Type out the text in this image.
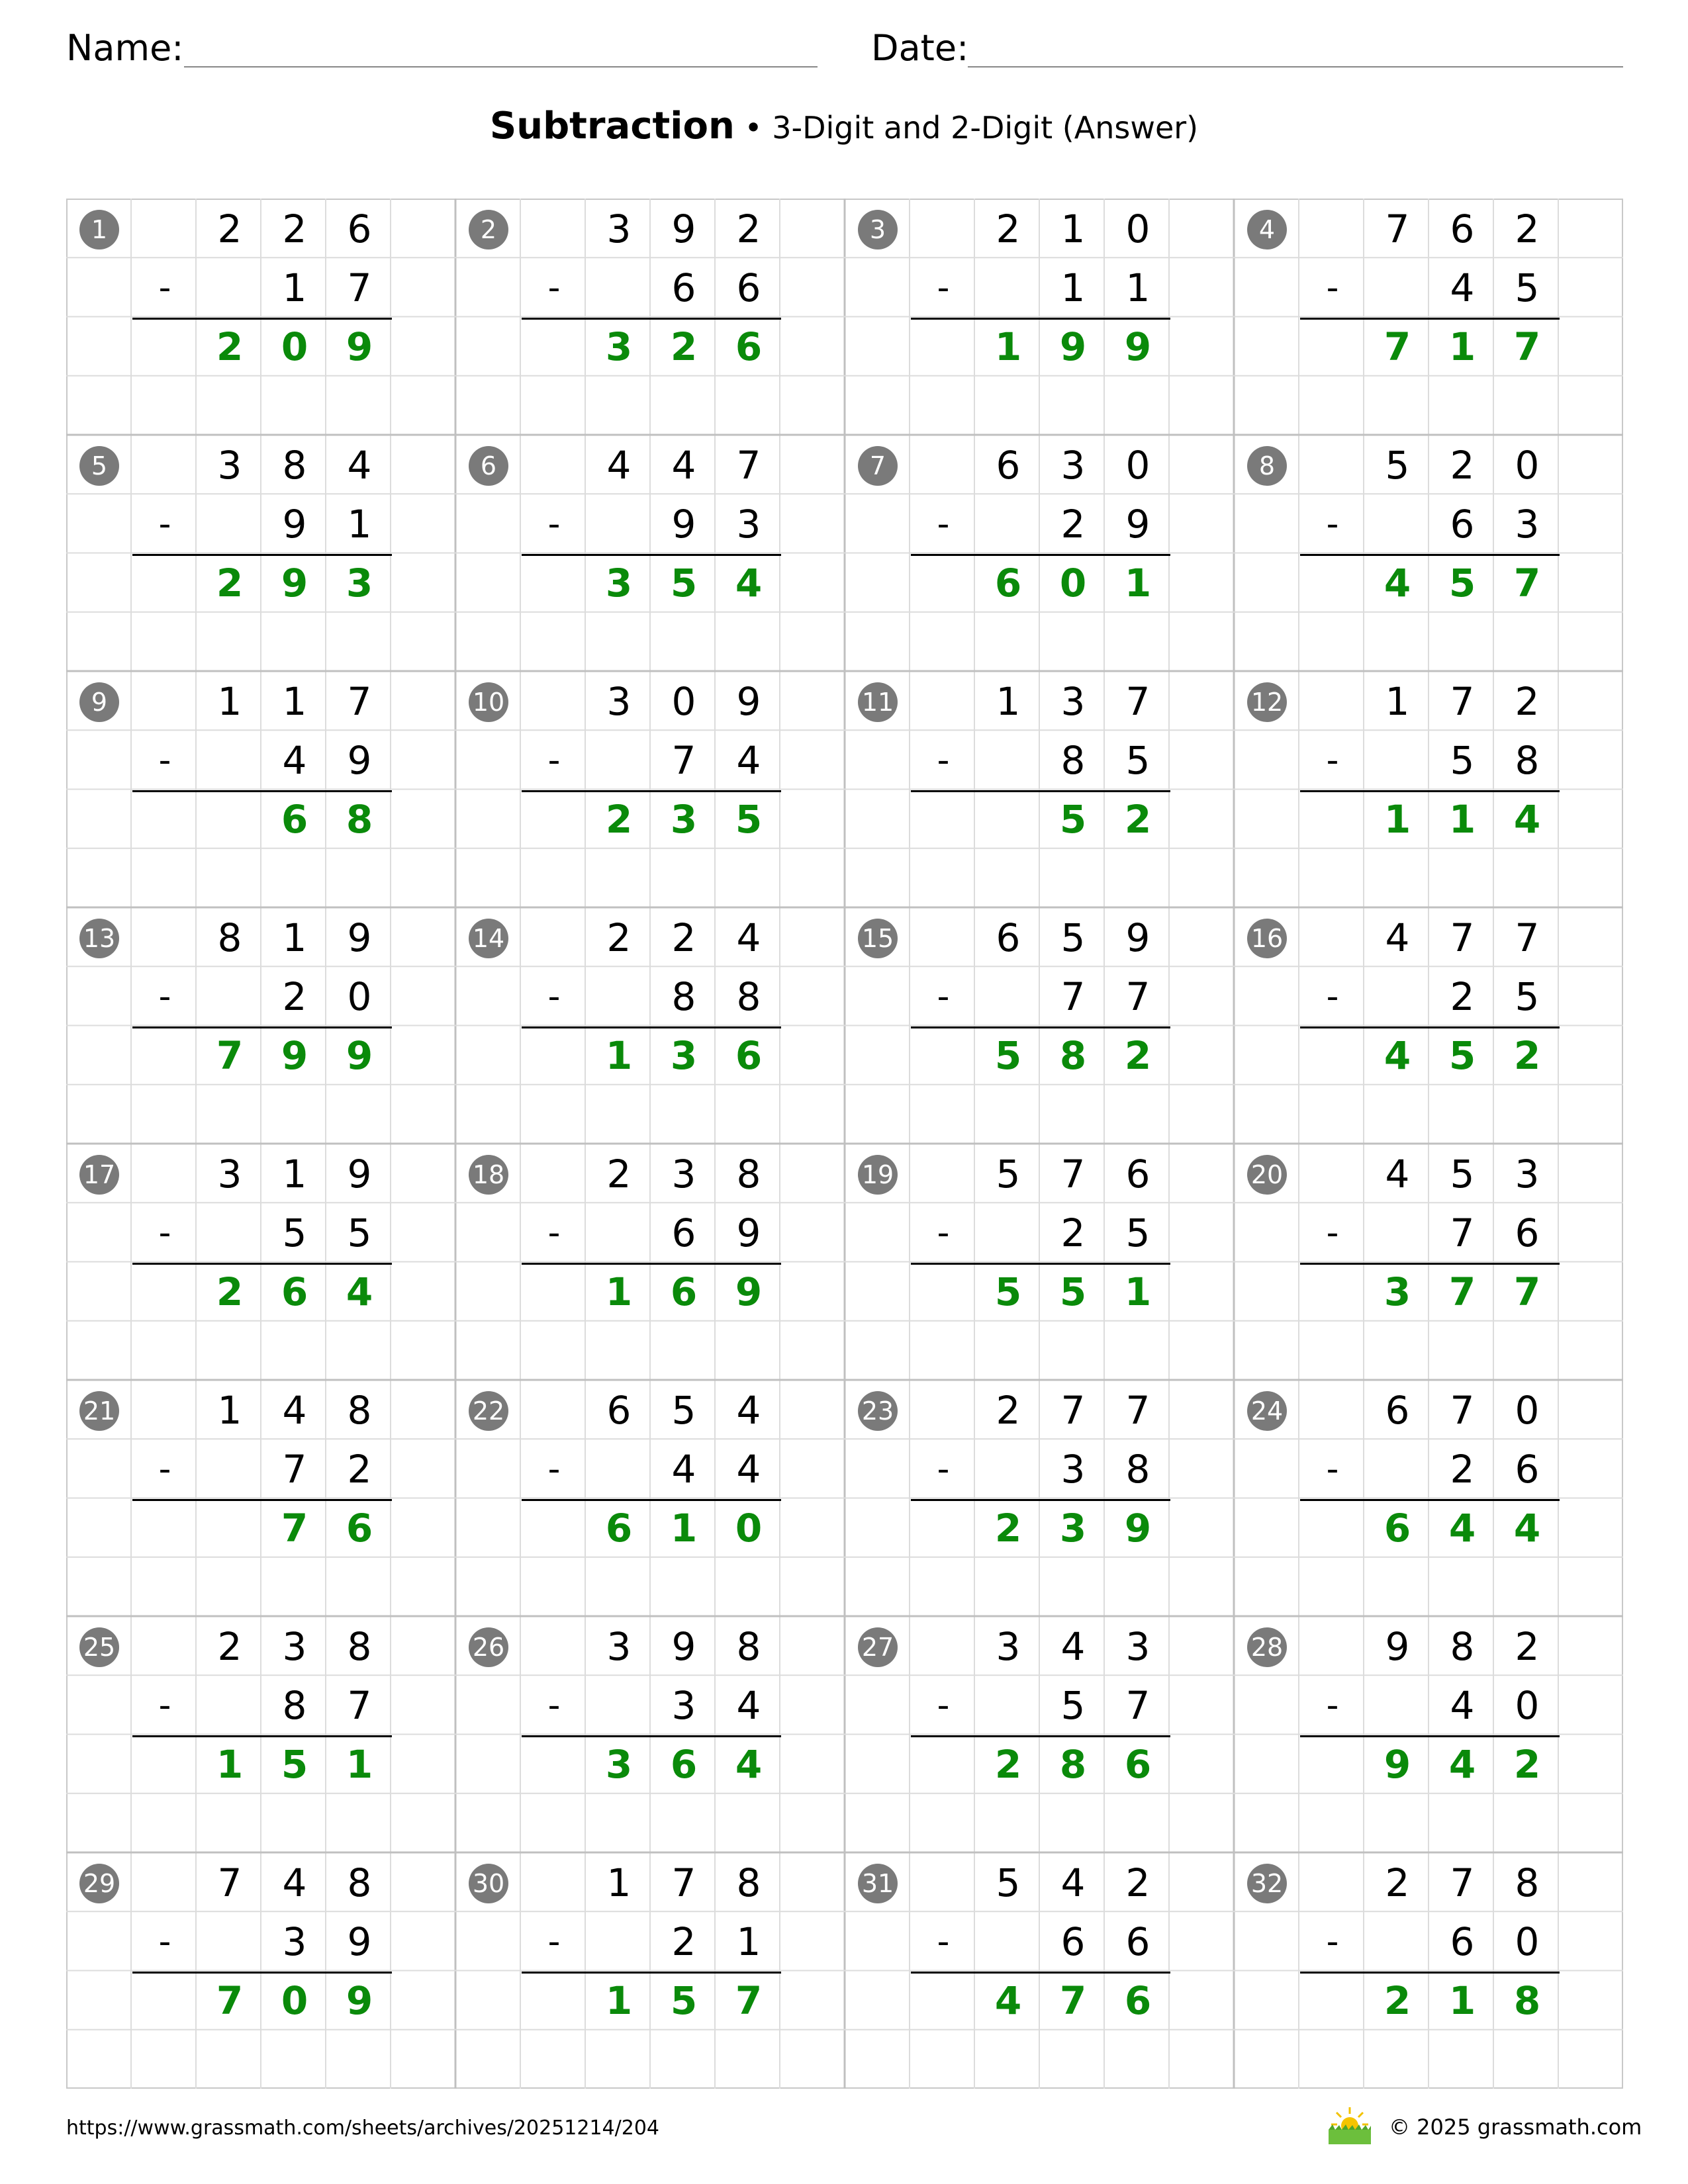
Name:	Date:
Subtraction • 3-Digit and 2-Digit (Answer)
1	2	2	6
-	1	7
2 0 9
2	3	9	2
-	6	6
3 2 6
3	2	1	0
-	1	1
1 9 9
4	7	6	2
-	4	5
7 1 7
5	3	8	4
-	9	1
2 9 3
6	4	4	7
-	9	3
3 5 4
7	6	3	0
-	2	9
6 0 1
8	5	2	0
-	6	3
4 5 7
9	1	1	7
-	4	9
6 8
10	3	0	9
-	7	4
2 3 5
11	1	3	7
-	8	5
5 2
12	1	7	2
-	5	8
1 1 4
13	8	1	9
-	2	0
7 9 9
14	2	2	4
-	8	8
1 3 6
15	6	5	9
-	7	7
5 8 2
16	4	7	7
-	2	5
4 5 2
17	3	1	9
-	5	5
2 6 4
18	2	3	8
-	6	9
1 6 9
19	5	7	6
-	2	5
5 5 1
20	4	5	3
-	7	6
3 7 7
21	1	4	8
-	7	2
7 6
22	6	5	4
-	4	4
6 1 0
23	2	7	7
-	3	8
2 3 9
24	6	7	0
-	2	6
6 4 4
25	2	3	8
-	8	7
1 5 1
26	3	9	8
-	3	4
3 6 4
27	3	4	3
-	5	7
2 8 6
28	9	8	2
-	4	0
9 4 2
29	7	4	8
-	3	9
7 0 9
30	1	7	8
-	2	1
1 5 7
31	5	4	2
-	6	6
4 7 6
32	2	7	8
-	6	0
2 1 8
https://www.grassmath.com/sheets/archives/20251214/204	© 2025 grassmath.com
